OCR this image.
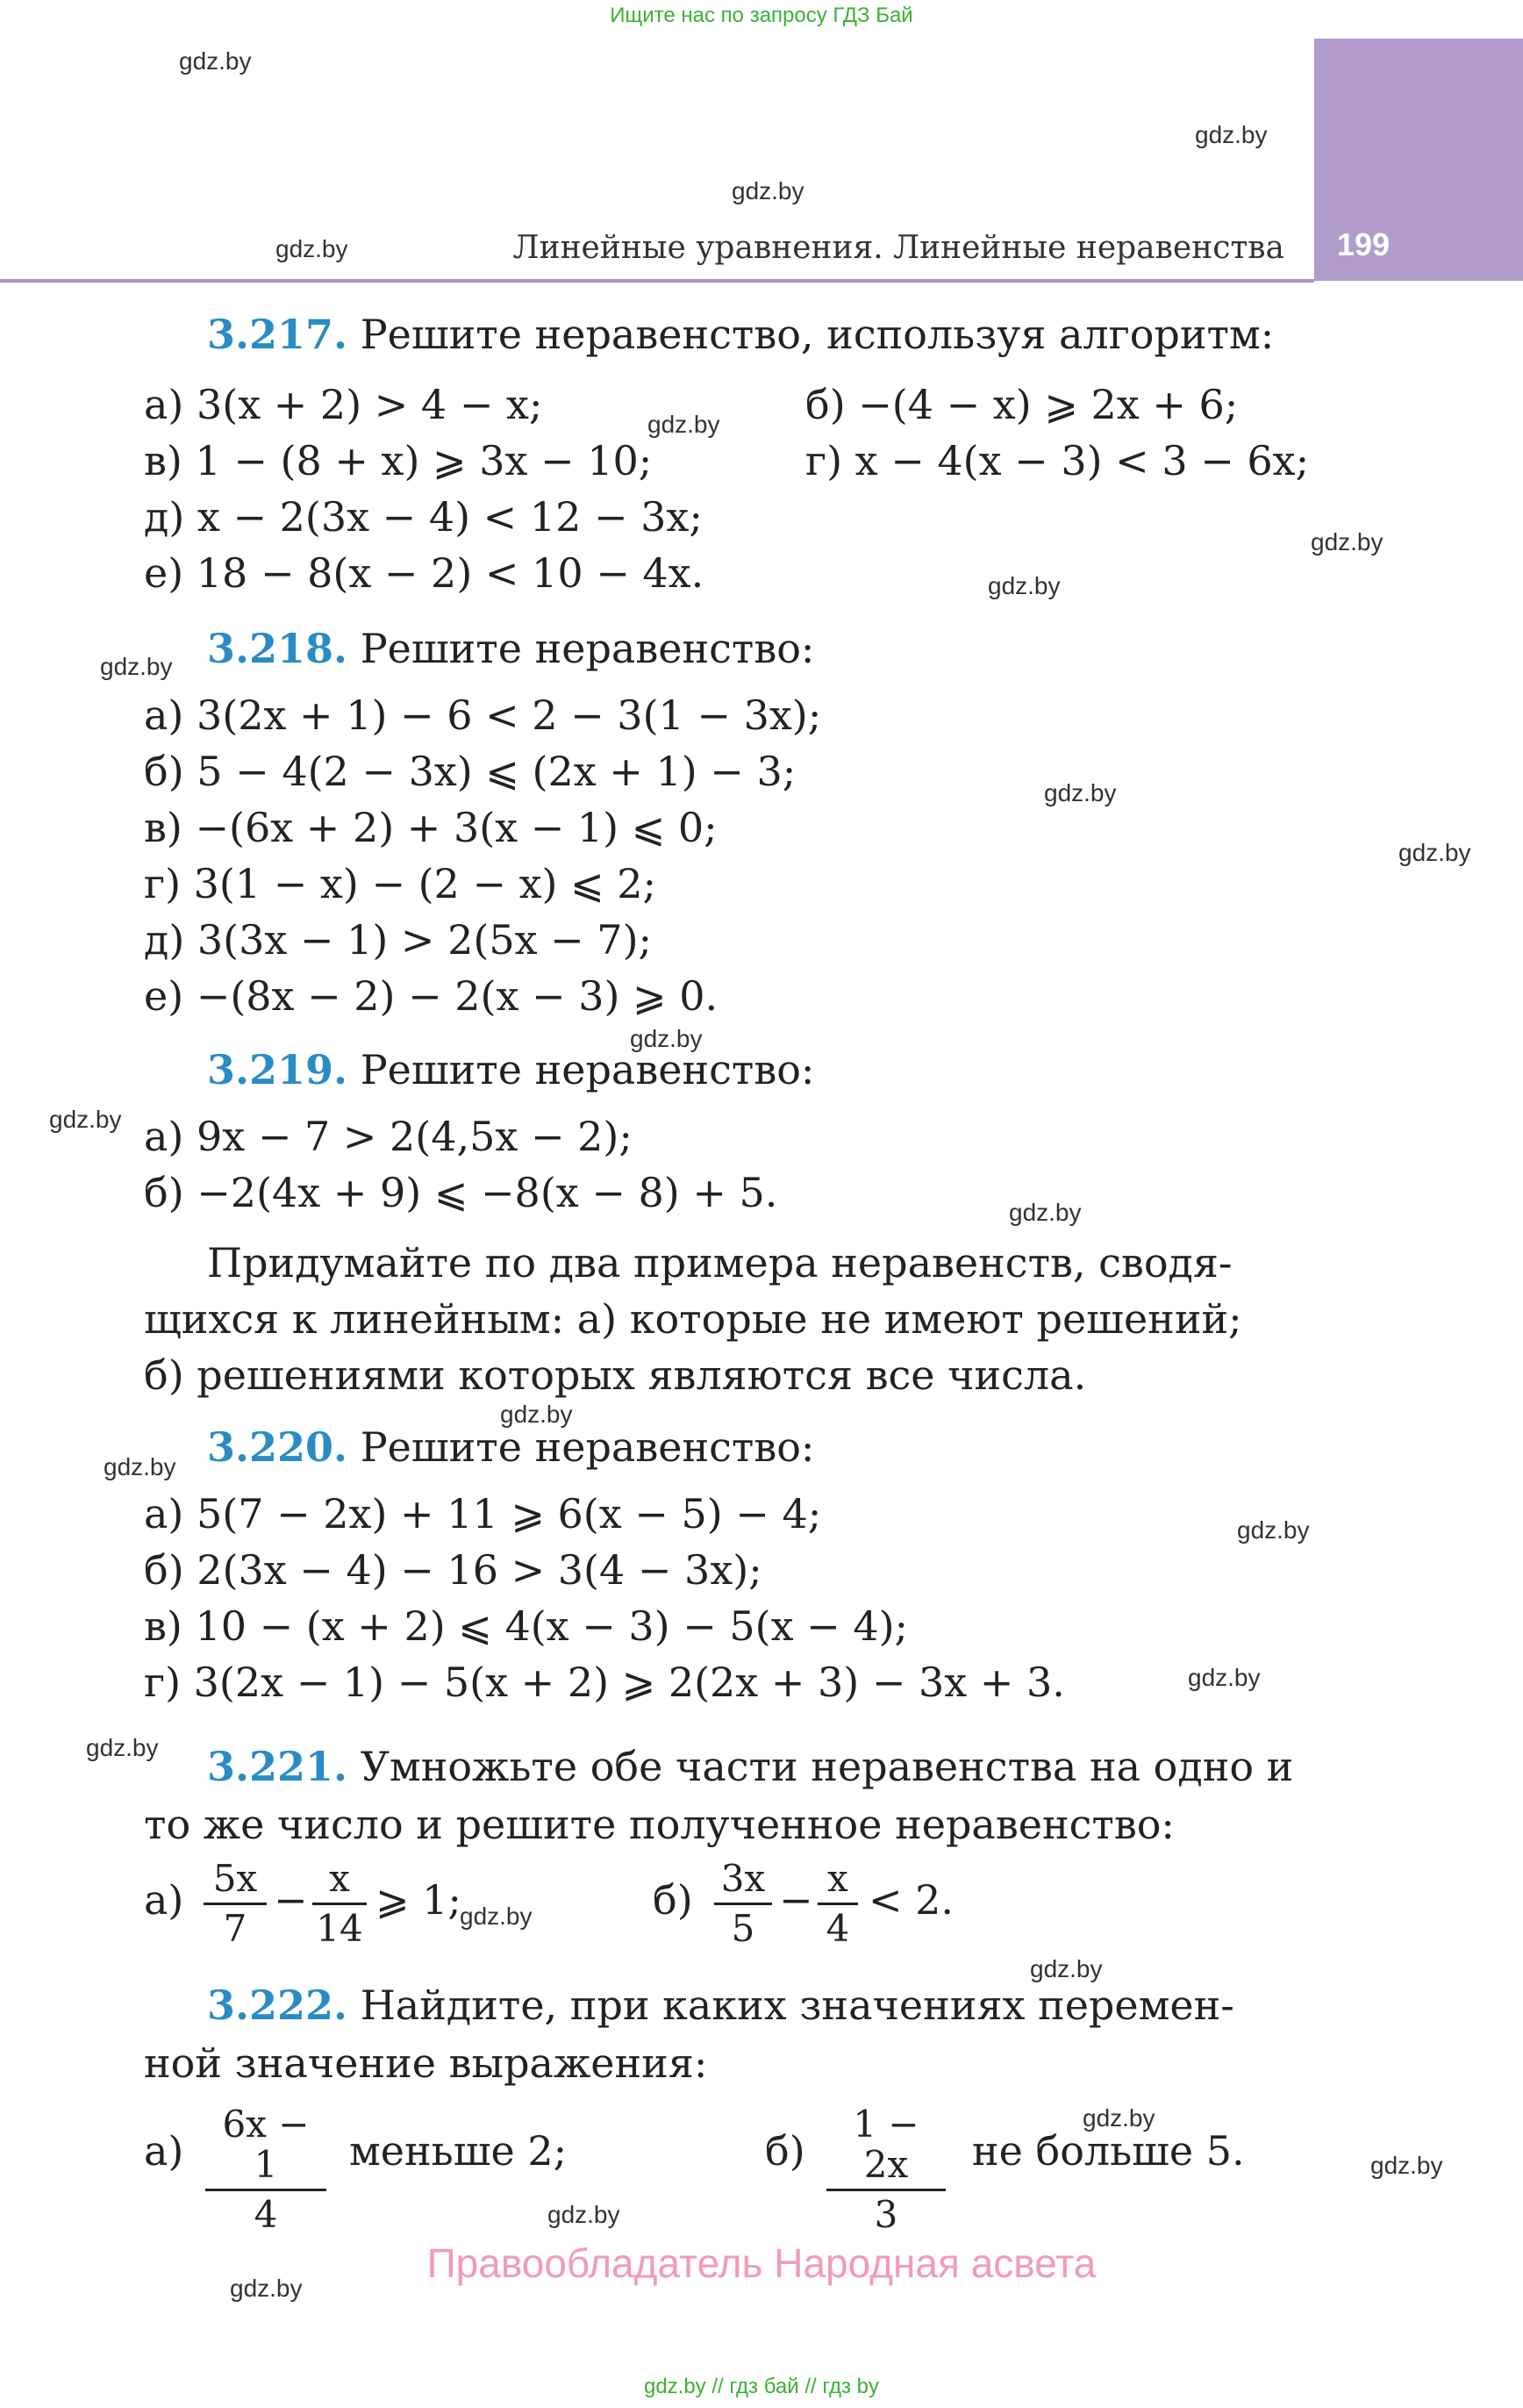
Ищите нас по запросу ГДЗ Бай
199
Линейные уравнения. Линейные неравенства
gdz.by
gdz.by
gdz.by
gdz.by
gdz.by
gdz.by
gdz.by
gdz.by
gdz.by
gdz.by
gdz.by
gdz.by
gdz.by
gdz.by
gdz.by
gdz.by
gdz.by
gdz.by
gdz.by
gdz.by
gdz.by
gdz.by
gdz.by
gdz.by
3.217. Решите неравенство, используя алгоритм:
а) 3(x + 2) > 4 − x;	б) −(4 − x) ⩾ 2x + 6;
в) 1 − (8 + x) ⩾ 3x − 10;	г) x − 4(x − 3) < 3 − 6x;
д) x − 2(3x − 4) < 12 − 3x;
е) 18 − 8(x − 2) < 10 − 4x.
3.218. Решите неравенство:
а) 3(2x + 1) − 6 < 2 − 3(1 − 3x);
б) 5 − 4(2 − 3x) ⩽ (2x + 1) − 3;
в) −(6x + 2) + 3(x − 1) ⩽ 0;
г) 3(1 − x) − (2 − x) ⩽ 2;
д) 3(3x − 1) > 2(5x − 7);
е) −(8x − 2) − 2(x − 3) ⩾ 0.
3.219. Решите неравенство:
а) 9x − 7 > 2(4,5x − 2);
б) −2(4x + 9) ⩽ −8(x − 8) + 5.
Придумайте по два примера неравенств, сводя-
щихся к линейным: а) которые не имеют решений;
б) решениями которых являются все числа.
3.220. Решите неравенство:
а) 5(7 − 2x) + 11 ⩾ 6(x − 5) − 4;
б) 2(3x − 4) − 16 > 3(4 − 3x);
в) 10 − (x + 2) ⩽ 4(x − 3) − 5(x − 4);
г) 3(2x − 1) − 5(x + 2) ⩾ 2(2x + 3) − 3x + 3.
3.221. Умножьте обе части неравенства на одно и
то же число и решите полученное неравенство:
а) 5x
7
− x
14
⩾ 1;	б) 3x
5
− x
4
< 2.
3.222. Найдите, при каких значениях перемен-
ной значение выражения:
а)
6x − 1
4
меньше 2;	б)
1 − 2x
3
не больше 5.
Правообладатель Народная асвета
gdz.by // гдз бай // гдз by
